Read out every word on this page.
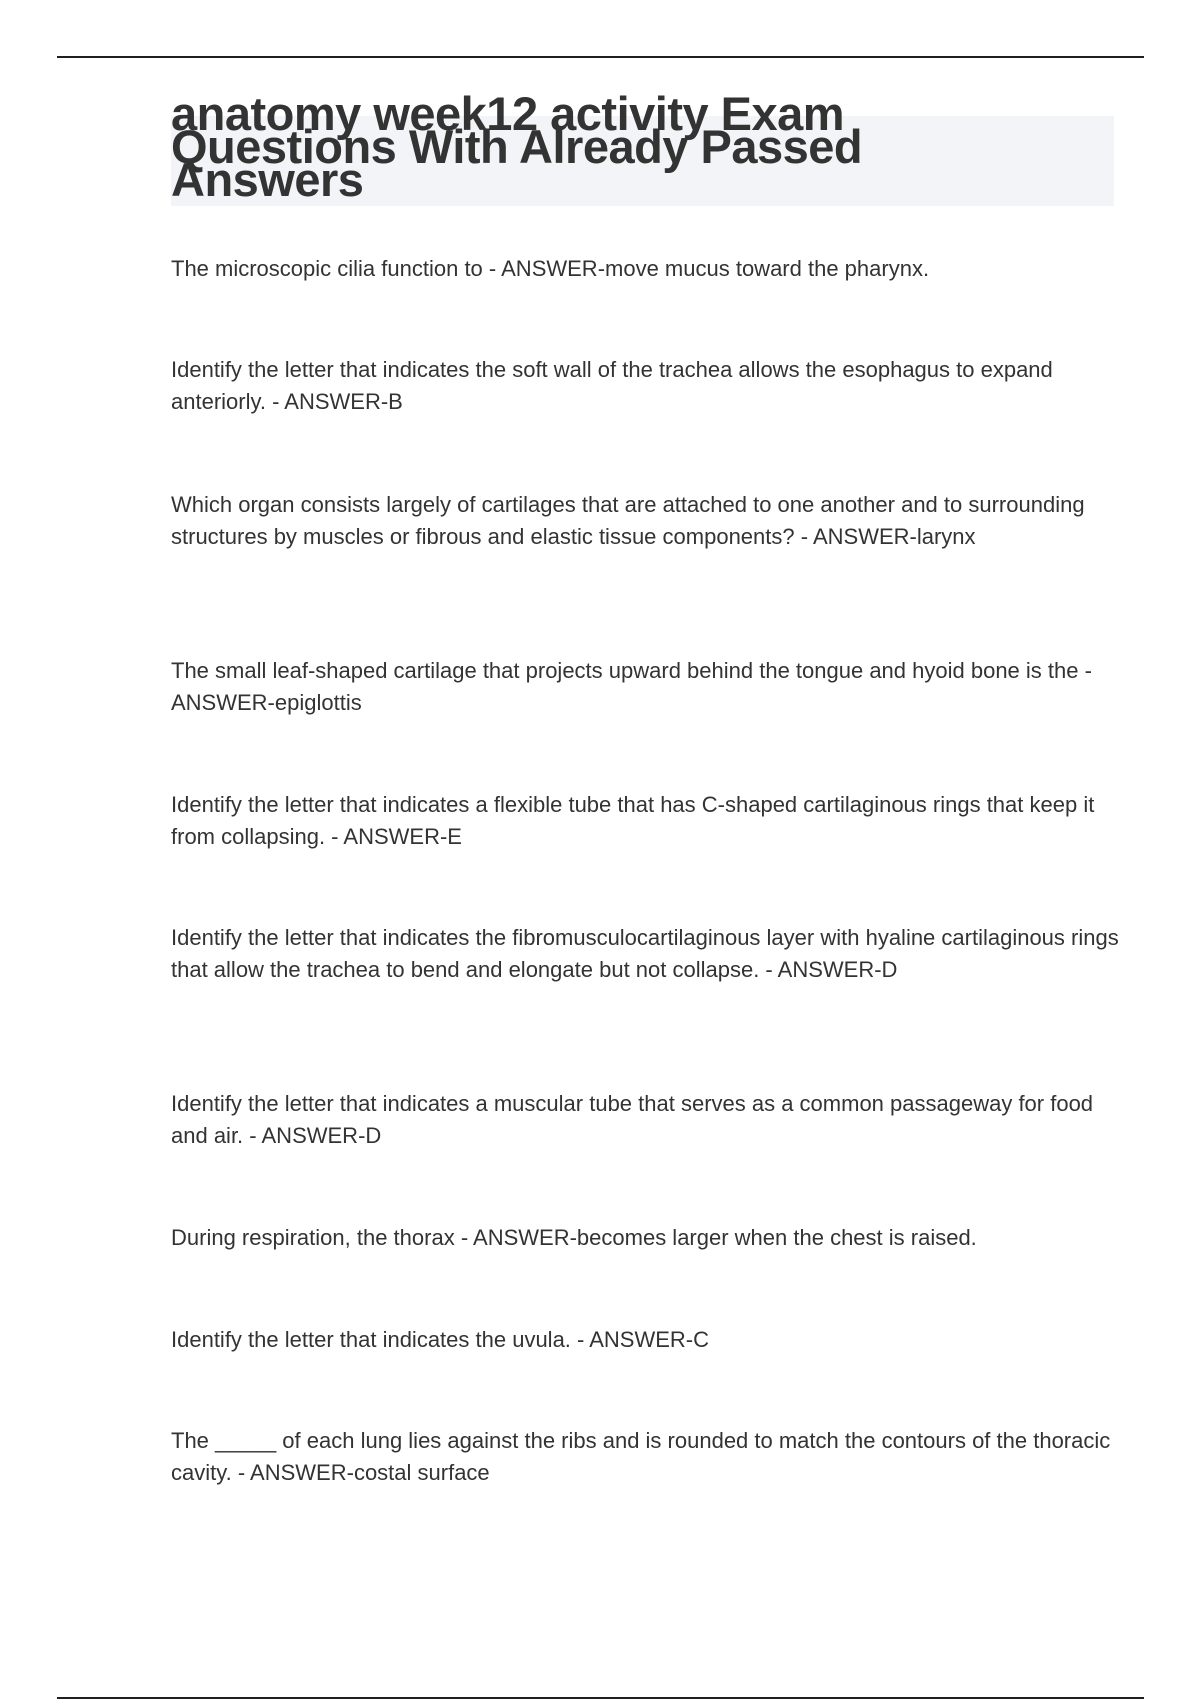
anatomy week12 activity Exam Questions With Already Passed Answers
The microscopic cilia function to - ANSWER-move mucus toward the pharynx.
Identify the letter that indicates the soft wall of the trachea allows the esophagus to expand anteriorly. - ANSWER-B
Which organ consists largely of cartilages that are attached to one another and to surrounding structures by muscles or fibrous and elastic tissue components? - ANSWER-larynx
The small leaf-shaped cartilage that projects upward behind the tongue and hyoid bone is the - ANSWER-epiglottis
Identify the letter that indicates a flexible tube that has C-shaped cartilaginous rings that keep it from collapsing. - ANSWER-E
Identify the letter that indicates the fibromusculocartilaginous layer with hyaline cartilaginous rings that allow the trachea to bend and elongate but not collapse. - ANSWER-D
Identify the letter that indicates a muscular tube that serves as a common passageway for food and air. - ANSWER-D
During respiration, the thorax - ANSWER-becomes larger when the chest is raised.
Identify the letter that indicates the uvula. - ANSWER-C
The _____ of each lung lies against the ribs and is rounded to match the contours of the thoracic cavity. - ANSWER-costal surface
